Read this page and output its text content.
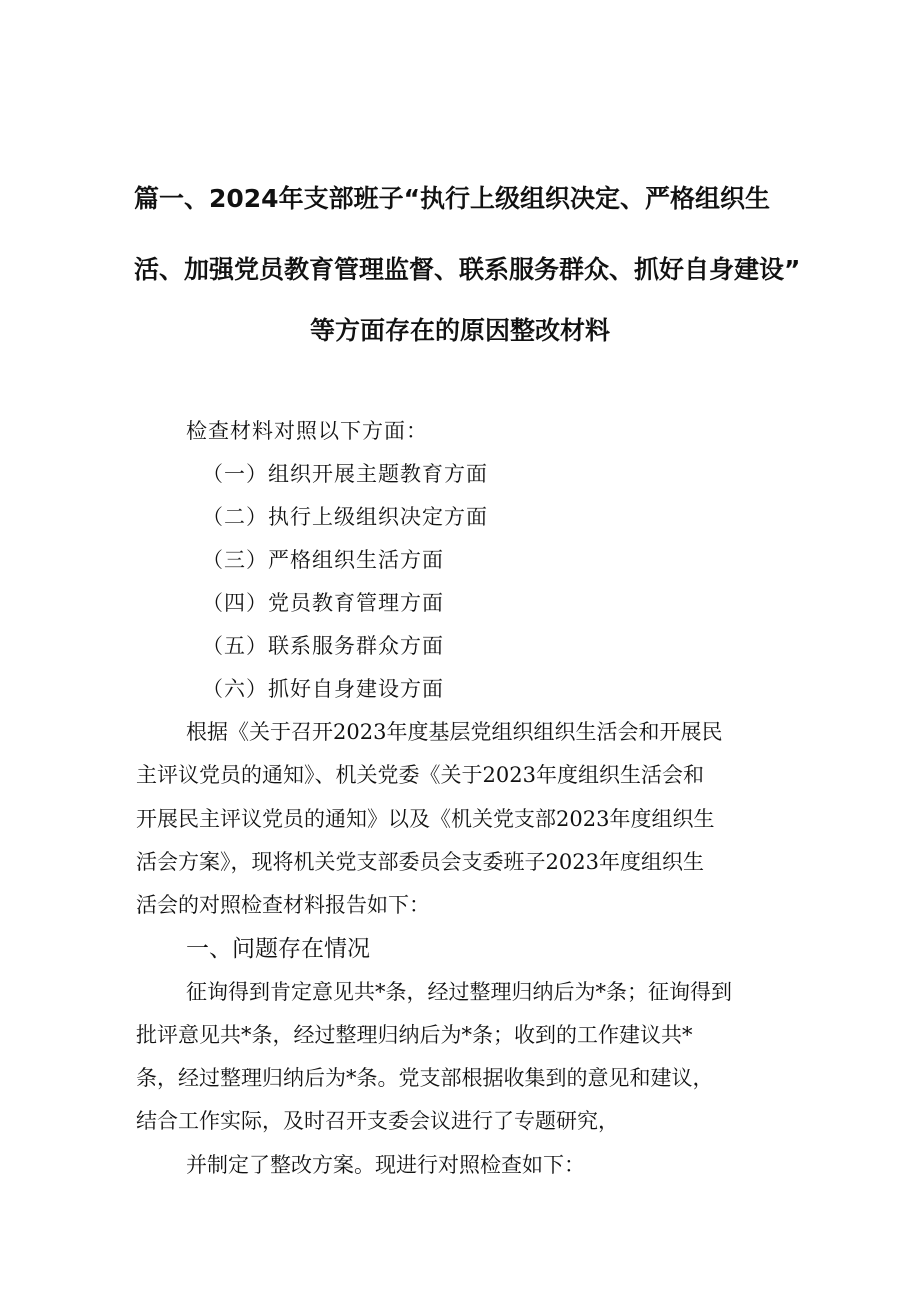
篇一、2024年支部班子“执行上级组织决定、严格组织生
活、加强党员教育管理监督、联系服务群众、抓好自身建设”
等方面存在的原因整改材料
检查材料对照以下方面：
（一）组织开展主题教育方面
（二）执行上级组织决定方面
（三）严格组织生活方面
（四）党员教育管理方面
（五）联系服务群众方面
（六）抓好自身建设方面
根据《关于召开2023年度基层党组织组织生活会和开展民
主评议党员的通知》、机关党委《关于2023年度组织生活会和
开展民主评议党员的通知》以及《机关党支部2023年度组织生
活会方案》，现将机关党支部委员会支委班子2023年度组织生
活会的对照检查材料报告如下：
一、问题存在情况
征询得到肯定意见共*条，经过整理归纳后为*条；征询得到
批评意见共*条，经过整理归纳后为*条；收到的工作建议共*
条，经过整理归纳后为*条。党支部根据收集到的意见和建议，
结合工作实际，及时召开支委会议进行了专题研究，
并制定了整改方案。现进行对照检查如下：
